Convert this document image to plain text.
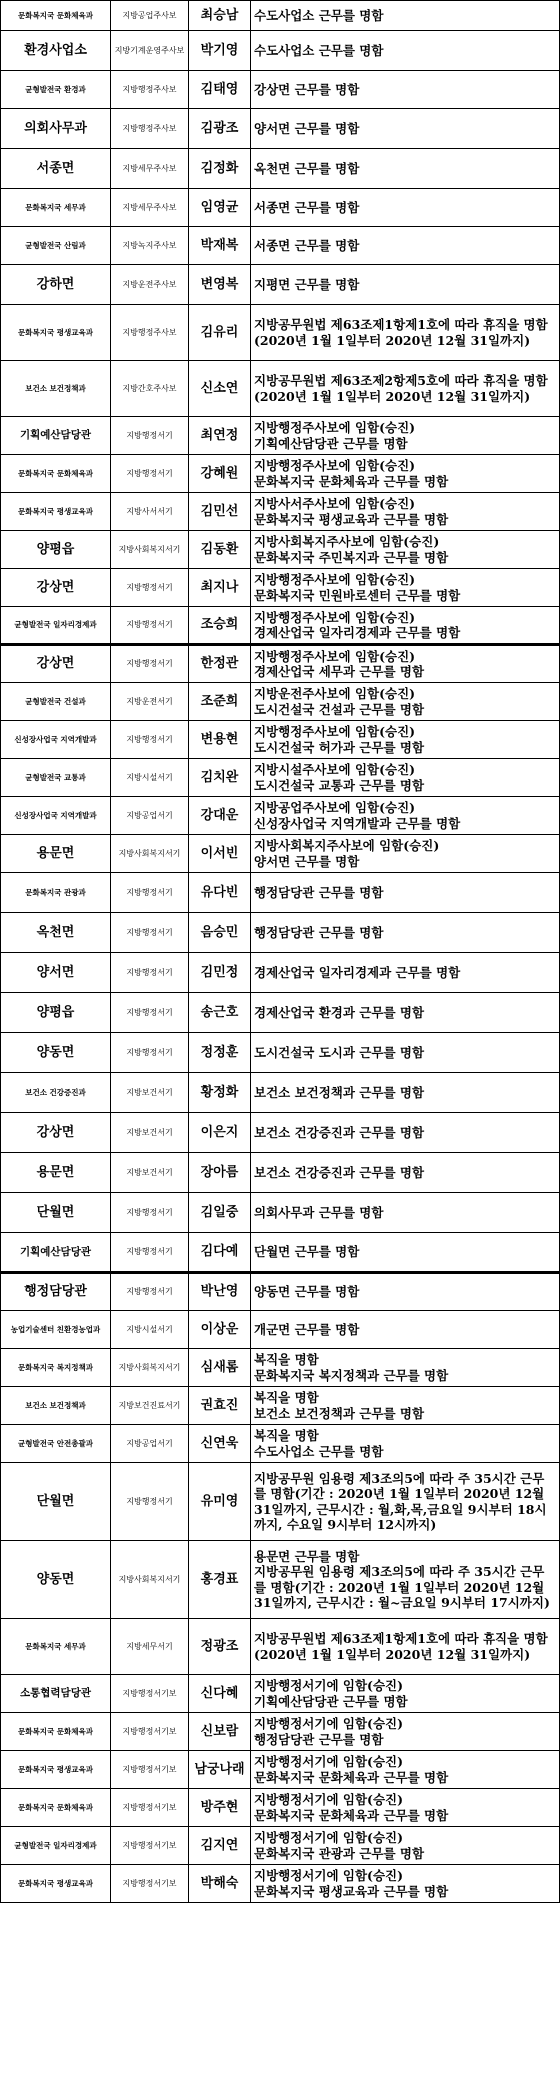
문화복지국 문화체육과	지방공업주사보	최승남	수도사업소 근무를 명함
환경사업소	지방기계운영주사보	박기영	수도사업소 근무를 명함
균형발전국 환경과	지방행정주사보	김태영	강상면 근무를 명함
의회사무과	지방행정주사보	김광조	양서면 근무를 명함
서종면	지방세무주사보	김정화	옥천면 근무를 명함
문화복지국 세무과	지방세무주사보	임영균	서종면 근무를 명함
균형발전국 산림과	지방녹지주사보	박재복	서종면 근무를 명함
강하면	지방운전주사보	변영복	지평면 근무를 명함
문화복지국 평생교육과	지방행정주사보	김유리	지방공무원법 제63조제1항제1호에 따라 휴직을 명함(2020년 1월 1일부터 2020년 12월 31일까지)
보건소 보건정책과	지방간호주사보	신소연	지방공무원법 제63조제2항제5호에 따라 휴직을 명함(2020년 1월 1일부터 2020년 12월 31일까지)
기획예산담당관	지방행정서기	최연정	지방행정주사보에 임함(승진)
기획예산담당관 근무를 명함
문화복지국 문화체육과	지방행정서기	강혜원	지방행정주사보에 임함(승진)
문화복지국 문화체육과 근무를 명함
문화복지국 평생교육과	지방사서서기	김민선	지방사서주사보에 임함(승진)
문화복지국 평생교육과 근무를 명함
양평읍	지방사회복지서기	김동환	지방사회복지주사보에 임함(승진)
문화복지국 주민복지과 근무를 명함
강상면	지방행정서기	최지나	지방행정주사보에 임함(승진)
문화복지국 민원바로센터 근무를 명함
균형발전국 일자리경제과	지방행정서기	조승희	지방행정주사보에 임함(승진)
경제산업국 일자리경제과 근무를 명함
강상면	지방행정서기	한정관	지방행정주사보에 임함(승진)
경제산업국 세무과 근무를 명함
균형발전국 건설과	지방운전서기	조준희	지방운전주사보에 임함(승진)
도시건설국 건설과 근무를 명함
신성장사업국 지역개발과	지방행정서기	변용현	지방행정주사보에 임함(승진)
도시건설국 허가과 근무를 명함
균형발전국 교통과	지방시설서기	김치완	지방시설주사보에 임함(승진)
도시건설국 교통과 근무를 명함
신성장사업국 지역개발과	지방공업서기	강대운	지방공업주사보에 임함(승진)
신성장사업국 지역개발과 근무를 명함
용문면	지방사회복지서기	이서빈	지방사회복지주사보에 임함(승진)
양서면 근무를 명함
문화복지국 관광과	지방행정서기	유다빈	행정담당관 근무를 명함
옥천면	지방행정서기	음승민	행정담당관 근무를 명함
양서면	지방행정서기	김민정	경제산업국 일자리경제과 근무를 명함
양평읍	지방행정서기	송근호	경제산업국 환경과 근무를 명함
양동면	지방행정서기	정정훈	도시건설국 도시과 근무를 명함
보건소 건강증진과	지방보건서기	황정화	보건소 보건정책과 근무를 명함
강상면	지방보건서기	이은지	보건소 건강증진과 근무를 명함
용문면	지방보건서기	장아름	보건소 건강증진과 근무를 명함
단월면	지방행정서기	김일중	의회사무과 근무를 명함
기획예산담당관	지방행정서기	김다예	단월면 근무를 명함
행정담당관	지방행정서기	박난영	양동면 근무를 명함
농업기술센터 친환경농업과	지방시설서기	이상운	개군면 근무를 명함
문화복지국 복지정책과	지방사회복지서기	심새롬	복직을 명함
문화복지국 복지정책과 근무를 명함
보건소 보건정책과	지방보건진료서기	권효진	복직을 명함
보건소 보건정책과 근무를 명함
균형발전국 안전총괄과	지방공업서기	신연욱	복직을 명함
수도사업소 근무를 명함
단월면	지방행정서기	유미영	지방공무원 임용령 제3조의5에 따라 주 35시간 근무를 명함(기간 : 2020년 1월 1일부터 2020년 12월 31일까지, 근무시간 : 월,화,목,금요일 9시부터 18시까지, 수요일 9시부터 12시까지)
양동면	지방사회복지서기	홍경표	용문면 근무를 명함
지방공무원 임용령 제3조의5에 따라 주 35시간 근무를 명함(기간 : 2020년 1월 1일부터 2020년 12월 31일까지, 근무시간 : 월~금요일 9시부터 17시까지)
문화복지국 세무과	지방세무서기	정광조	지방공무원법 제63조제1항제1호에 따라 휴직을 명함(2020년 1월 1일부터 2020년 12월 31일까지)
소통협력담당관	지방행정서기보	신다혜	지방행정서기에 임함(승진)
기획예산담당관 근무를 명함
문화복지국 문화체육과	지방행정서기보	신보람	지방행정서기에 임함(승진)
행정담당관 근무를 명함
문화복지국 평생교육과	지방행정서기보	남궁나래	지방행정서기에 임함(승진)
문화복지국 문화체육과 근무를 명함
문화복지국 문화체육과	지방행정서기보	방주현	지방행정서기에 임함(승진)
문화복지국 문화체육과 근무를 명함
균형발전국 일자리경제과	지방행정서기보	김지연	지방행정서기에 임함(승진)
문화복지국 관광과 근무를 명함
문화복지국 평생교육과	지방행정서기보	박해숙	지방행정서기에 임함(승진)
문화복지국 평생교육과 근무를 명함
